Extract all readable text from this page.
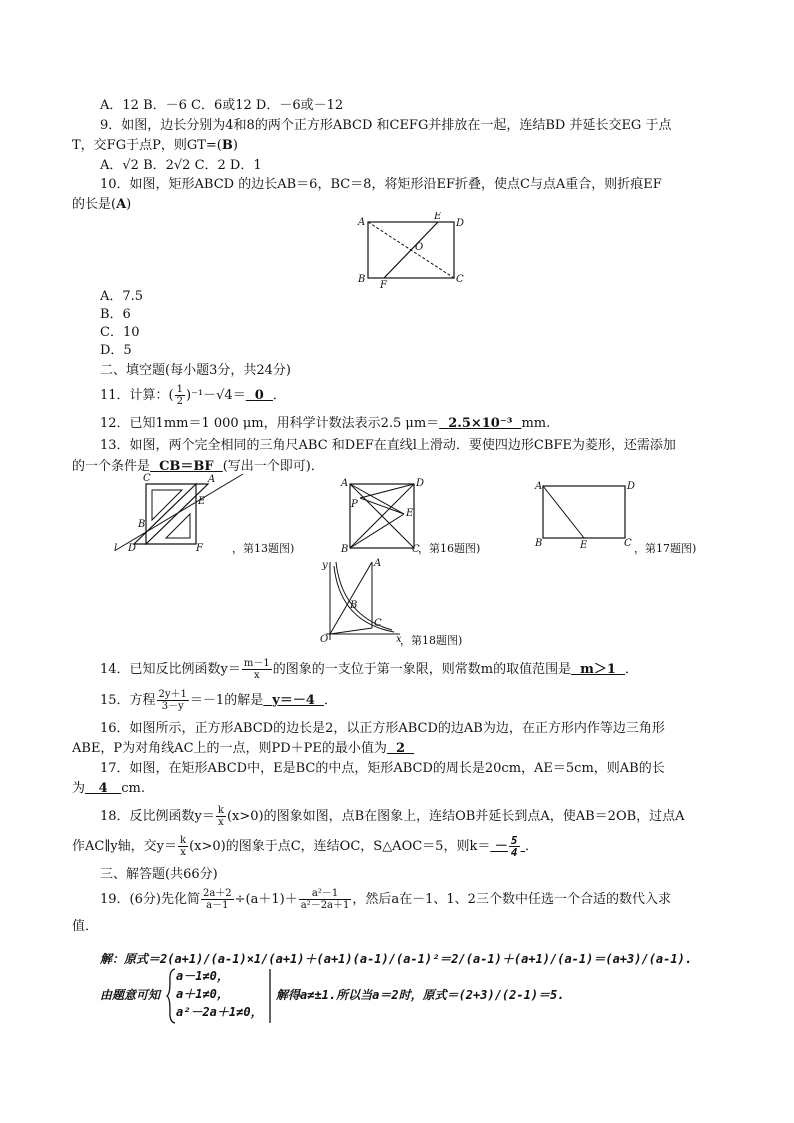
A．12 B．－6 C．6或12 D．－6或－12
9．如图，边长分别为4和8的两个正方形ABCD 和CEFG并排放在一起，连结BD 并延长交EG 于点
T，交FG于点P，则GT=(B)
A．√2 B．2√2 C．2 D．1
10．如图，矩形ABCD 的边长AB＝6，BC＝8，将矩形沿EF折叠，使点C与点A重合，则折痕EF
的长是(A)
A
E
D
O
B
F
C
A．7.5
B．6
C．10
D．5
二、填空题(每小题3分，共24分)
11．计算：( $\frac{1}{2} )^{-1}-√4= 0$ ．
12．已知1mm＝1 000 μm，用科学计数法表示2.5 μm＝ 2.5×10⁻³ mm.
13．如图，两个完全相同的三角尺ABC 和DEF在直线l上滑动．要使四边形CBFE为菱形，还需添加
的一个条件是 CB＝BF (写出一个即可)．
C	A
E
B
l D	F	，第13题图)
A	D
P
E
B	C
，第16题图)
A	D
B	E	C ，第17题图)
y	A
B
C
O	x
，第18题图)
14．已知反比例函数$y= \frac{m-1}{x}$ 的图象的一支位于第一象限，则常数m的取值范围是 m＞1 ．
15．方程 $\frac{2y+1}{3-y} =-1$的解是 y＝－4 ．
16．如图所示，正方形ABCD的边长是2，以正方形ABCD的边AB为边，在正方形内作等边三角形
ABE，P为对角线AC上的一点，则PD＋PE的最小值为 2
17．如图，在矩形ABCD中，E是BC的中点，矩形ABCD的周长是20cm，AE＝5cm，则AB的长
为 4 cm.
18．反比例函数$y= \frac{k}{x} (x>0)$的图象如图，点B在图象上，连结OB并延长到点A，使AB＝2OB，过点A
作AC∥y轴，交$y= \frac{k}{x} (x>0)$的图象于点C，连结OC，S△AOC＝5，则$k= - \frac{5}{4}$ ．
三、解答题(共66分)
19．(6分)先化简 $\frac{2a+2}{a-1} \div(a+1)+ \frac{\text{a²－1}}{\text{a²－2a＋1}}$ ，然后a在－1、1、2三个数中任选一个合适的数代入求
值．
解：原式＝2(a+1)/(a-1)×1/(a+1)＋(a+1)(a-1)/(a-1)²＝2/(a-1)＋(a+1)/(a-1)＝(a+3)/(a-1).
由题意可知
a－1≠0，
a＋1≠0，
a²－2a＋1≠0，
解得a≠±1.所以当a＝2时，原式＝(2+3)/(2-1)＝5.
